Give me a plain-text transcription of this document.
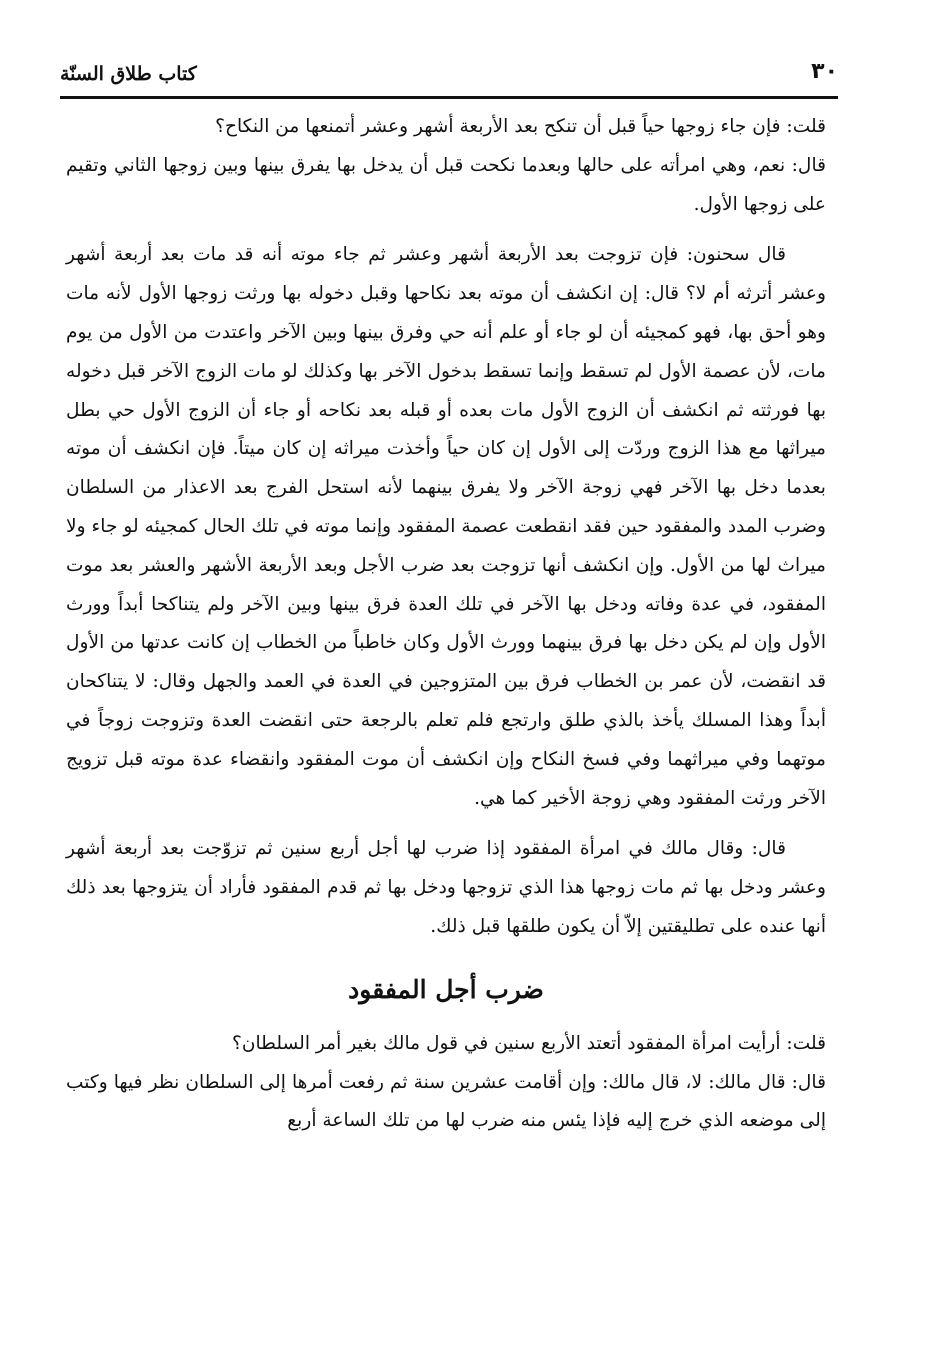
٣٠
كتاب طلاق السنّة

قلت: فإن جاء زوجها حياً قبل أن تنكح بعد الأربعة أشهر وعشر أتمنعها من النكاح؟

قال: نعم، وهي امرأته على حالها وبعدما نكحت قبل أن يدخل بها يفرق بينها وبين زوجها الثاني وتقيم على زوجها الأول.

قال سحنون: فإن تزوجت بعد الأربعة أشهر وعشر ثم جاء موته أنه قد مات بعد أربعة أشهر وعشر أترثه أم لا؟ قال: إن انكشف أن موته بعد نكاحها وقبل دخوله بها ورثت زوجها الأول لأنه مات وهو أحق بها، فهو كمجيئه أن لو جاء أو علم أنه حي وفرق بينها وبين الآخر واعتدت من الأول من يوم مات، لأن عصمة الأول لم تسقط وإنما تسقط بدخول الآخر بها وكذلك لو مات الزوج الآخر قبل دخوله بها فورثته ثم انكشف أن الزوج الأول مات بعده أو قبله بعد نكاحه أو جاء أن الزوج الأول حي بطل ميراثها مع هذا الزوج وردّت إلى الأول إن كان حياً وأخذت ميراثه إن كان ميتاً. فإن انكشف أن موته بعدما دخل بها الآخر فهي زوجة الآخر ولا يفرق بينهما لأنه استحل الفرج بعد الاعذار من السلطان وضرب المدد والمفقود حين فقد انقطعت عصمة المفقود وإنما موته في تلك الحال كمجيئه لو جاء ولا ميراث لها من الأول. وإن انكشف أنها تزوجت بعد ضرب الأجل وبعد الأربعة الأشهر والعشر بعد موت المفقود، في عدة وفاته ودخل بها الآخر في تلك العدة فرق بينها وبين الآخر ولم يتناكحا أبداً وورث الأول وإن لم يكن دخل بها فرق بينهما وورث الأول وكان خاطباً من الخطاب إن كانت عدتها من الأول قد انقضت، لأن عمر بن الخطاب فرق بين المتزوجين في العدة في العمد والجهل وقال: لا يتناكحان أبداً وهذا المسلك يأخذ بالذي طلق وارتجع فلم تعلم بالرجعة حتى انقضت العدة وتزوجت زوجاً في موتهما وفي ميراثهما وفي فسخ النكاح وإن انكشف أن موت المفقود وانقضاء عدة موته قبل تزويج الآخر ورثت المفقود وهي زوجة الأخير كما هي.

قال: وقال مالك في امرأة المفقود إذا ضرب لها أجل أربع سنين ثم تزوّجت بعد أربعة أشهر وعشر ودخل بها ثم مات زوجها هذا الذي تزوجها ودخل بها ثم قدم المفقود فأراد أن يتزوجها بعد ذلك أنها عنده على تطليقتين إلاّ أن يكون طلقها قبل ذلك.

ضرب أجل المفقود

قلت: أرأيت امرأة المفقود أتعتد الأربع سنين في قول مالك بغير أمر السلطان؟

قال: قال مالك: لا، قال مالك: وإن أقامت عشرين سنة ثم رفعت أمرها إلى السلطان نظر فيها وكتب إلى موضعه الذي خرج إليه فإذا يئس منه ضرب لها من تلك الساعة أربع
